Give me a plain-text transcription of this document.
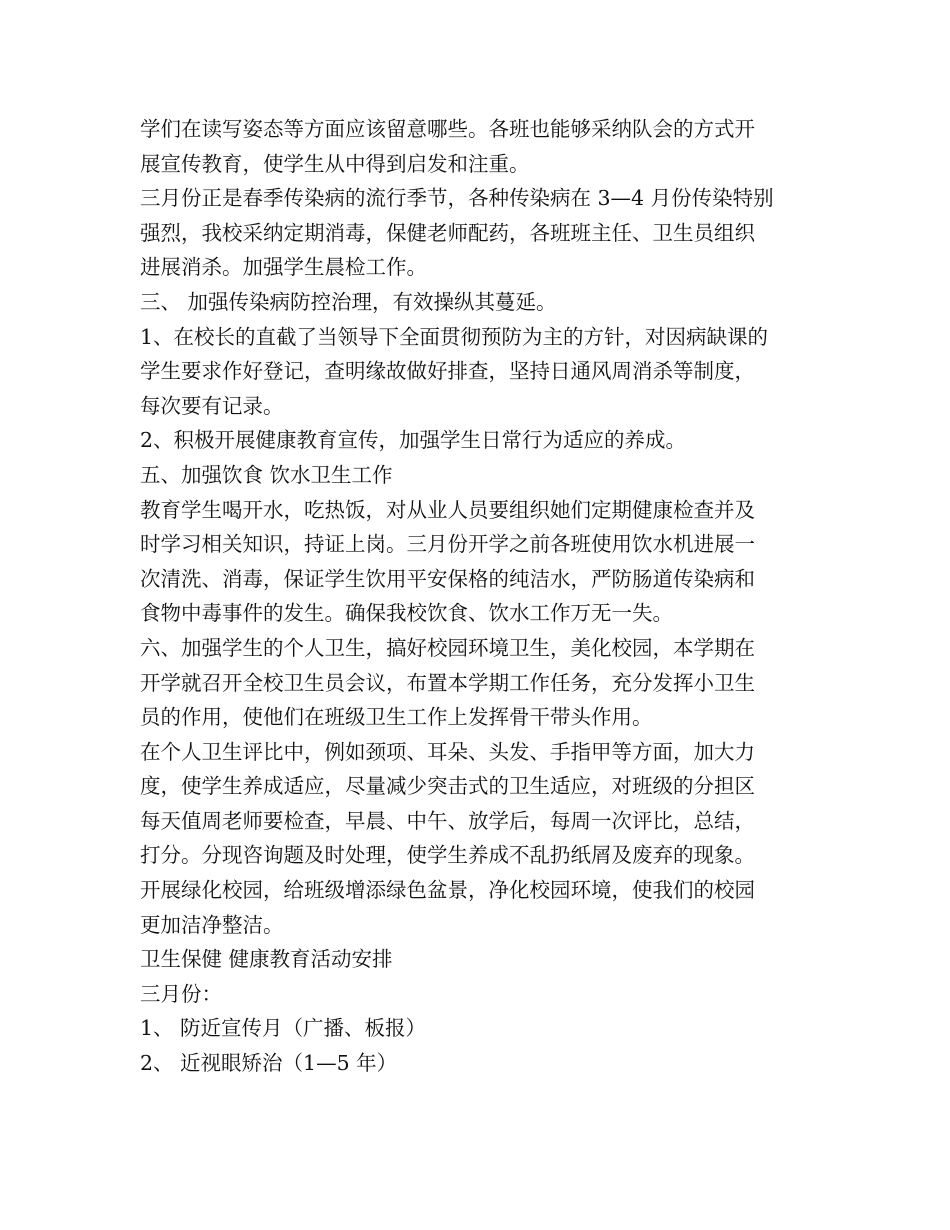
学们在读写姿态等方面应该留意哪些。各班也能够采纳队会的方式开
展宣传教育，使学生从中得到启发和注重。
三月份正是春季传染病的流行季节，各种传染病在 3—4 月份传染特别
强烈，我校采纳定期消毒，保健老师配药，各班班主任、卫生员组织
进展消杀。加强学生晨检工作。
三、 加强传染病防控治理，有效操纵其蔓延。
1、在校长的直截了当领导下全面贯彻预防为主的方针，对因病缺课的
学生要求作好登记，查明缘故做好排查，坚持日通风周消杀等制度，
每次要有记录。
2、积极开展健康教育宣传，加强学生日常行为适应的养成。
五、加强饮食 饮水卫生工作
教育学生喝开水，吃热饭，对从业人员要组织她们定期健康检查并及
时学习相关知识，持证上岗。三月份开学之前各班使用饮水机进展一
次清洗、消毒，保证学生饮用平安保格的纯洁水，严防肠道传染病和
食物中毒事件的发生。确保我校饮食、饮水工作万无一失。
六、加强学生的个人卫生，搞好校园环境卫生，美化校园，本学期在
开学就召开全校卫生员会议，布置本学期工作任务，充分发挥小卫生
员的作用，使他们在班级卫生工作上发挥骨干带头作用。
在个人卫生评比中，例如颈项、耳朵、头发、手指甲等方面，加大力
度，使学生养成适应，尽量减少突击式的卫生适应，对班级的分担区
每天值周老师要检查，早晨、中午、放学后，每周一次评比，总结，
打分。分现咨询题及时处理，使学生养成不乱扔纸屑及废弃的现象。
开展绿化校园，给班级增添绿色盆景，净化校园环境，使我们的校园
更加洁净整洁。
卫生保健 健康教育活动安排
三月份：
1、 防近宣传月（广播、板报）
2、 近视眼矫治（1—5 年）
